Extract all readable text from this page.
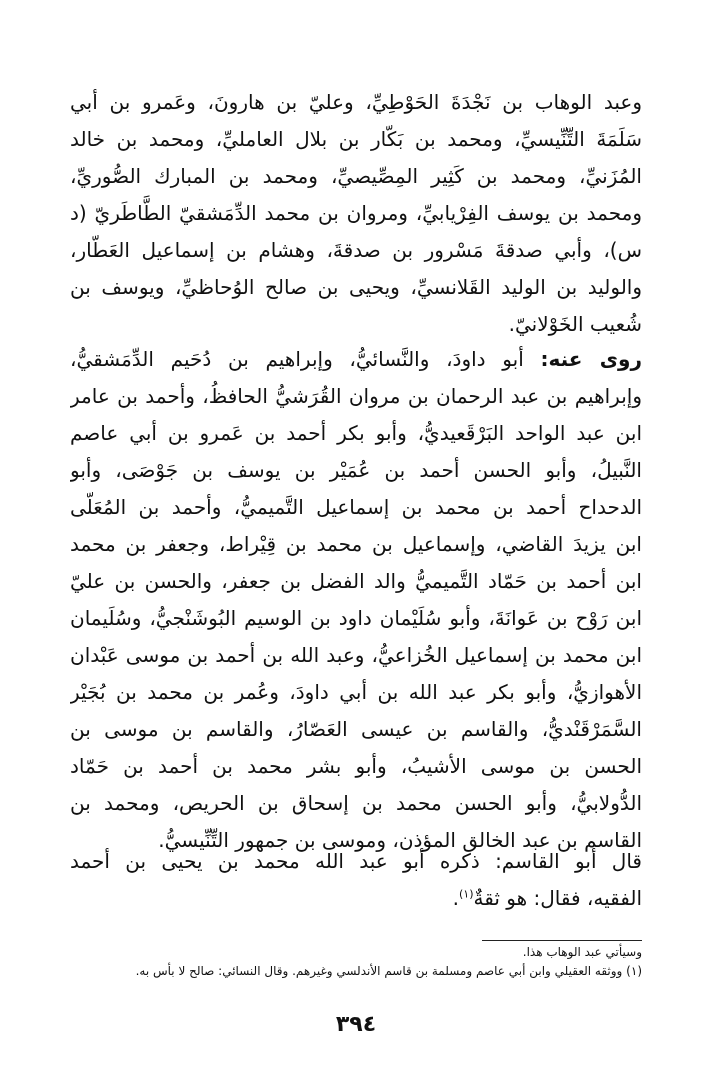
وعبد الوهاب بن نَجْدَةَ الحَوْطِيِّ، وعليّ بن هارونَ، وعَمرو بن أبي
سَلَمَةَ التِّنِّيسيِّ، ومحمد بن بَكّار بن بلال العامليِّ، ومحمد بن خالد
المُزَنيِّ، ومحمد بن كَثِير المِصِّيصيِّ، ومحمد بن المبارك الصُّوريِّ،
ومحمد بن يوسف الفِرْيابيِّ، ومروان بن محمد الدِّمَشقيّ الطَّاطَريّ (د
س)، وأبي صدقةَ مَسْرور بن صدقةَ، وهشام بن إسماعيل العَطّار،
والوليد بن الوليد القَلانسيِّ، ويحيى بن صالح الوُحاظيِّ، ويوسف بن
شُعيب الخَوْلانيّ.
روى عنه: أبو داودَ، والنَّسائيُّ، وإبراهيم بن دُحَيم الدِّمَشقيُّ،
وإبراهيم بن عبد الرحمان بن مروان القُرَشيُّ الحافظُ، وأحمد بن عامر
ابن عبد الواحد البَرْقَعيديُّ، وأبو بكر أحمد بن عَمرو بن أبي عاصم
النَّبيلُ، وأبو الحسن أحمد بن عُمَيْر بن يوسف بن جَوْصَى، وأبو
الدحداح أحمد بن محمد بن إسماعيل التَّميميُّ، وأحمد بن المُعَلّى
ابن يزيدَ القاضي، وإسماعيل بن محمد بن قِيْراط، وجعفر بن محمد
ابن أحمد بن حَمّاد التَّميميُّ والد الفضل بن جعفر، والحسن بن عليّ
ابن رَوْح بن عَوانَةَ، وأبو سُلَيْمان داود بن الوسيم البُوشَنْجيُّ، وسُلَيمان
ابن محمد بن إسماعيل الخُزاعيُّ، وعبد الله بن أحمد بن موسى عَبْدان
الأهوازيُّ، وأبو بكر عبد الله بن أبي داودَ، وعُمر بن محمد بن بُجَيْر
السَّمَرْقَنْديُّ، والقاسم بن عيسى العَصّارُ، والقاسم بن موسى بن
الحسن بن موسى الأشيبُ، وأبو بشر محمد بن أحمد بن حَمّاد
الدُّولابيُّ، وأبو الحسن محمد بن إسحاق بن الحريص، ومحمد بن
القاسم بن عبد الخالق المؤذن، وموسى بن جمهور التِّنِّيسيُّ.
قال أبو القاسم: ذكره أبو عبد الله محمد بن يحيى بن أحمد
الفقيه، فقال: هو ثقةٌ$^{(١)}$.
وسيأتي عبد الوهاب هذا.
(١) ووثقه العقيلي وابن أبي عاصم ومسلمة بن قاسم الأندلسي وغيرهم. وقال النسائي: صالح لا بأس به.
٣٩٤
